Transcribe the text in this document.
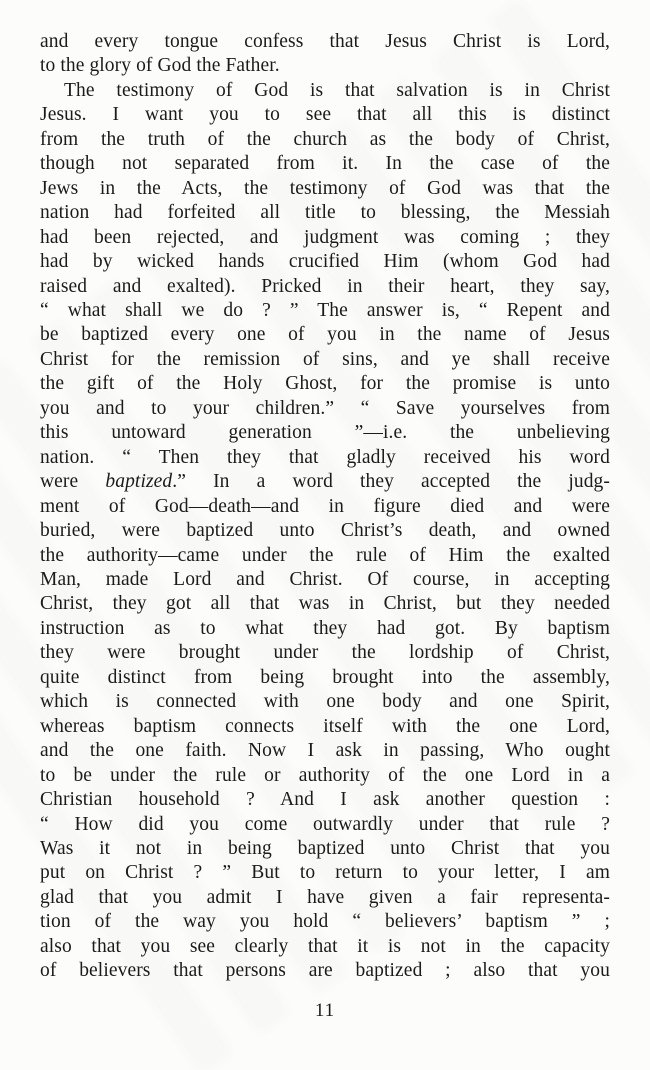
and every tongue confess that Jesus Christ is Lord,
to the glory of God the Father.
The testimony of God is that salvation is in Christ
Jesus. I want you to see that all this is distinct
from the truth of the church as the body of Christ,
though not separated from it. In the case of the
Jews in the Acts, the testimony of God was that the
nation had forfeited all title to blessing, the Messiah
had been rejected, and judgment was coming ; they
had by wicked hands crucified Him (whom God had
raised and exalted). Pricked in their heart, they say,
“ what shall we do ? ” The answer is, “ Repent and
be baptized every one of you in the name of Jesus
Christ for the remission of sins, and ye shall receive
the gift of the Holy Ghost, for the promise is unto
you and to your children.” “ Save yourselves from
this untoward generation ”—i.e. the unbelieving
nation. “ Then they that gladly received his word
were baptized.” In a word they accepted the judg-
ment of God—death—and in figure died and were
buried, were baptized unto Christ’s death, and owned
the authority—came under the rule of Him the exalted
Man, made Lord and Christ. Of course, in accepting
Christ, they got all that was in Christ, but they needed
instruction as to what they had got. By baptism
they were brought under the lordship of Christ,
quite distinct from being brought into the assembly,
which is connected with one body and one Spirit,
whereas baptism connects itself with the one Lord,
and the one faith. Now I ask in passing, Who ought
to be under the rule or authority of the one Lord in a
Christian household ? And I ask another question :
“ How did you come outwardly under that rule ?
Was it not in being baptized unto Christ that you
put on Christ ? ” But to return to your letter, I am
glad that you admit I have given a fair representa-
tion of the way you hold “ believers’ baptism ” ;
also that you see clearly that it is not in the capacity
of believers that persons are baptized ; also that you
11
